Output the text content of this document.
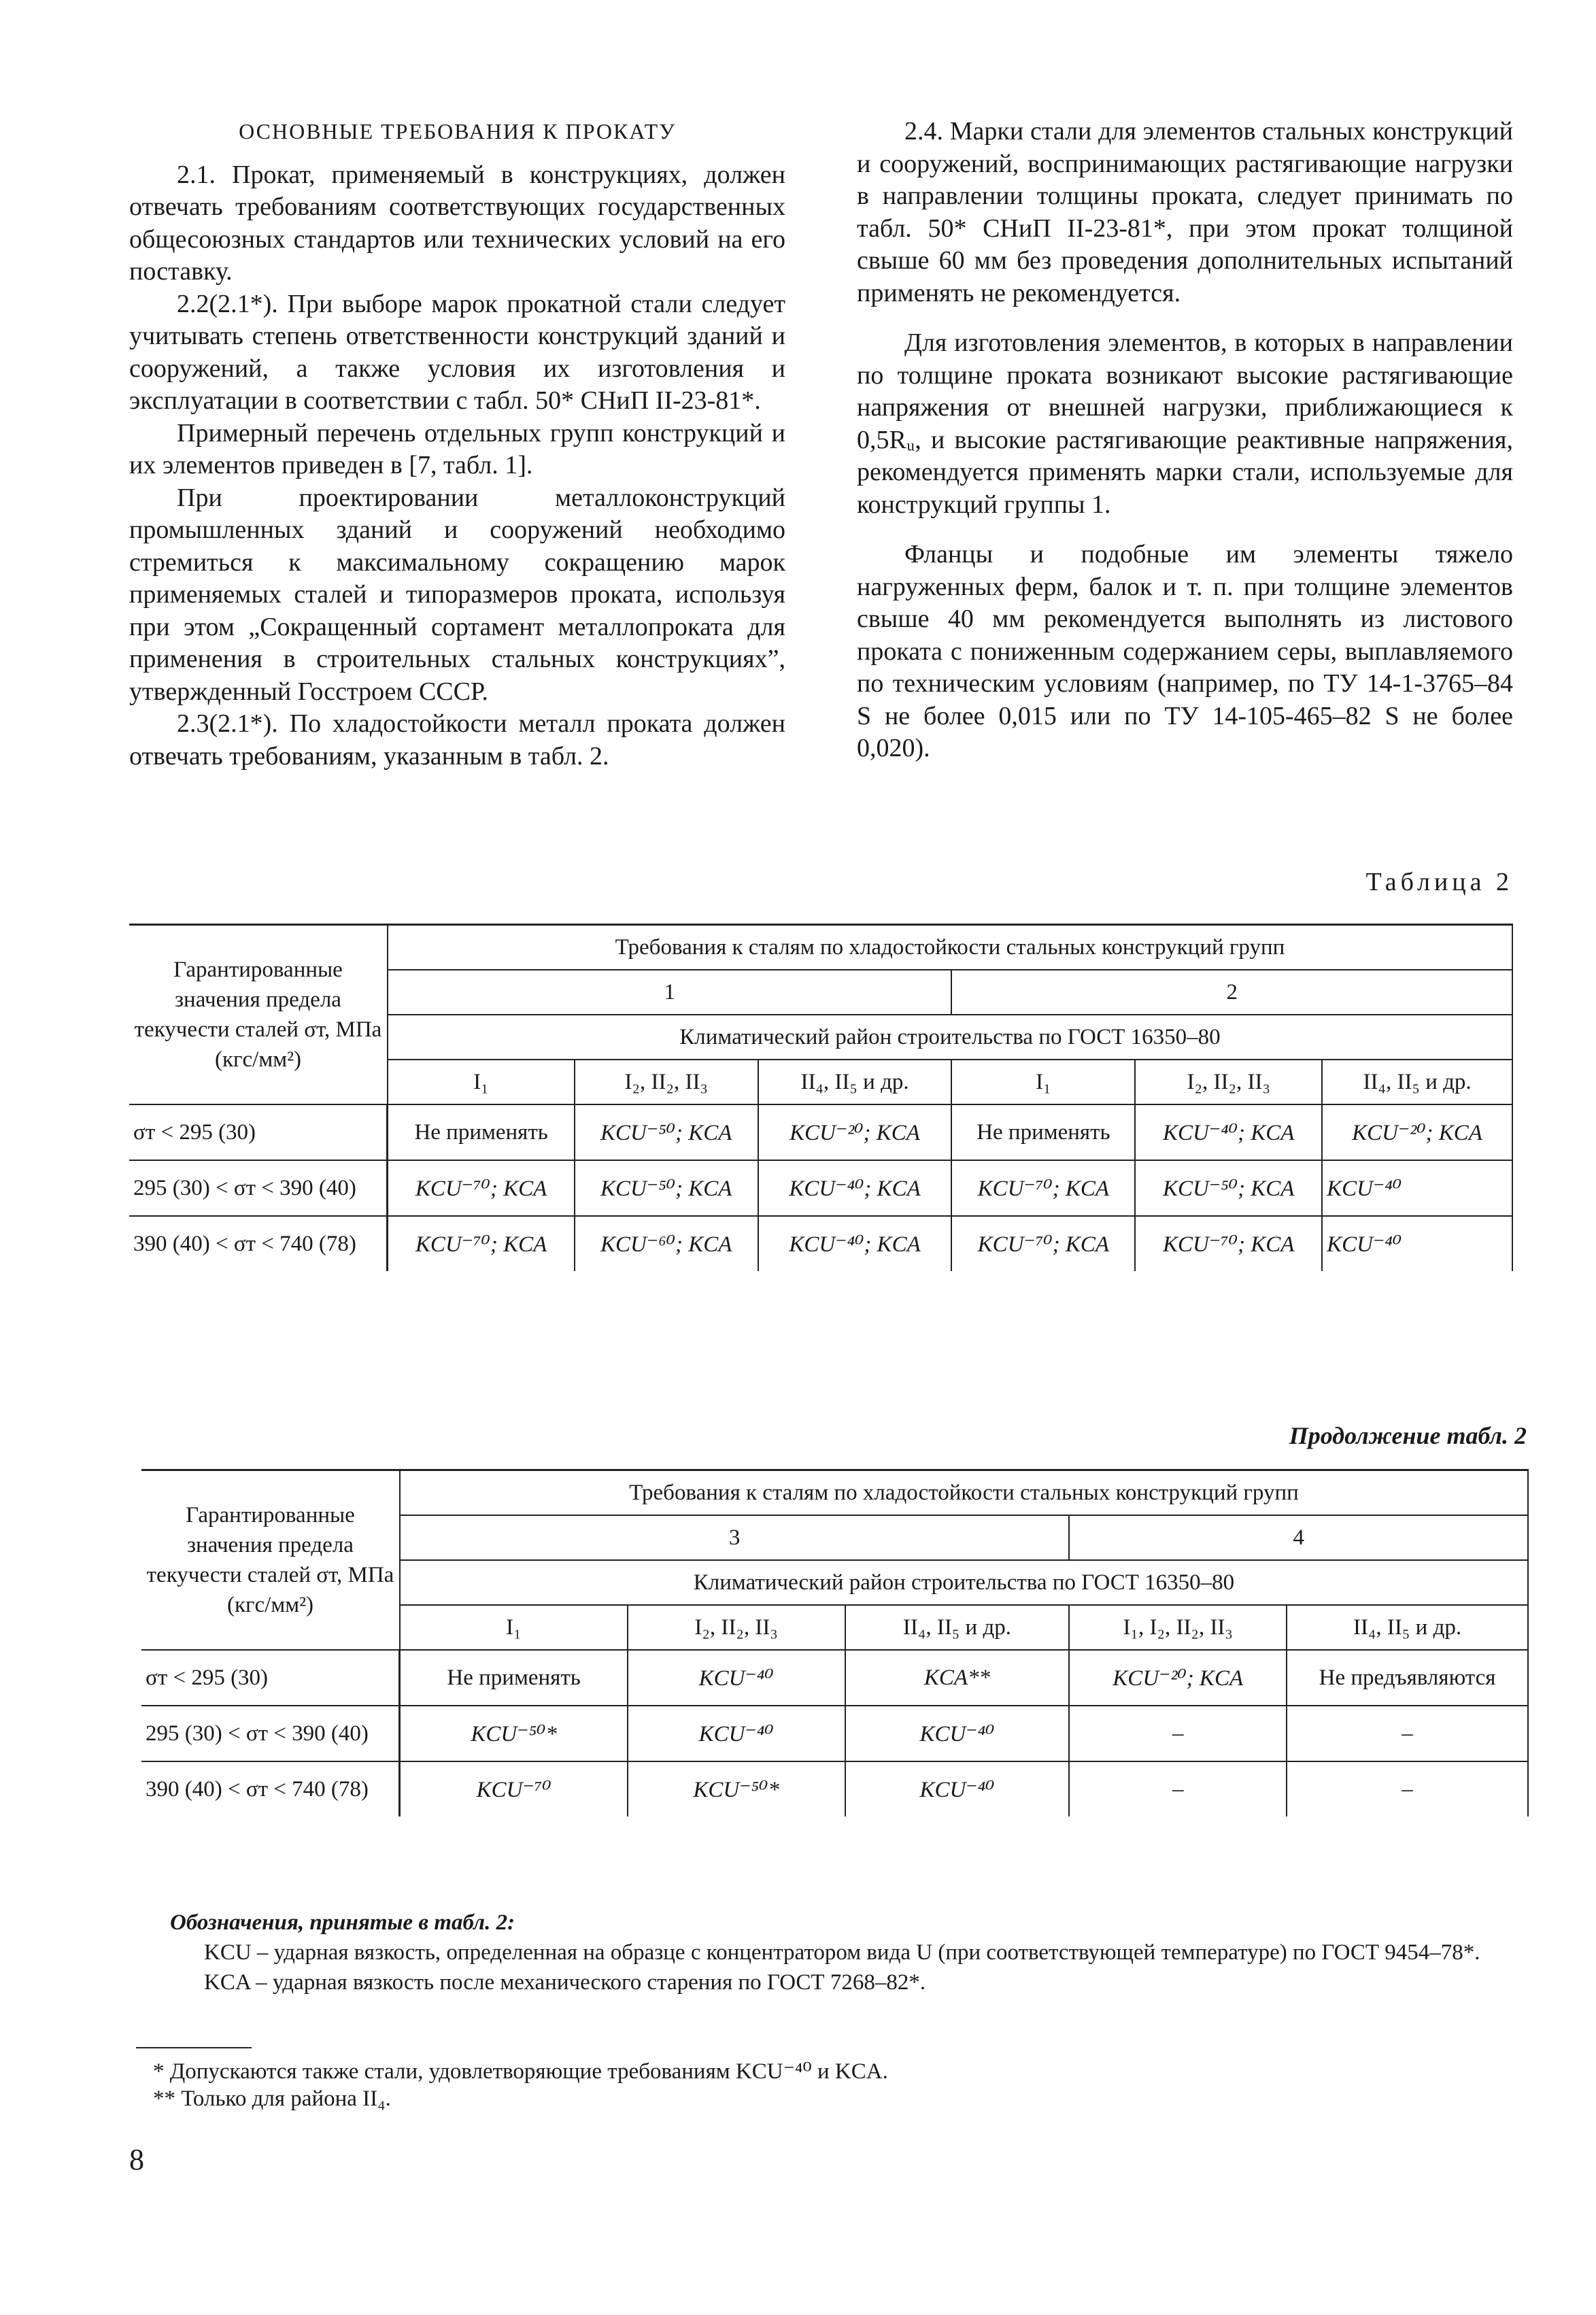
ОСНОВНЫЕ ТРЕБОВАНИЯ К ПРОКАТУ

2.1. Прокат, применяемый в конструкциях, должен отвечать требованиям соответствующих государственных общесоюзных стандартов или технических условий на его поставку.

2.2(2.1*). При выборе марок прокатной стали следует учитывать степень ответственности конструкций зданий и сооружений, а также условия их изготовления и эксплуатации в соответствии с табл. 50* СНиП II-23-81*.

Примерный перечень отдельных групп конструкций и их элементов приведен в [7, табл. 1].

При проектировании металлоконструкций промышленных зданий и сооружений необходимо стремиться к максимальному сокращению марок применяемых сталей и типоразмеров проката, используя при этом „Сокращенный сортамент металлопроката для применения в строительных стальных конструкциях”, утвержденный Госстроем СССР.

2.3(2.1*). По хладостойкости металл проката должен отвечать требованиям, указанным в табл. 2.

2.4. Марки стали для элементов стальных конструкций и сооружений, воспринимающих растягивающие нагрузки в направлении толщины проката, следует принимать по табл. 50* СНиП II-23-81*, при этом прокат толщиной свыше 60 мм без проведения дополнительных испытаний применять не рекомендуется.

Для изготовления элементов, в которых в направлении по толщине проката возникают высокие растягивающие напряжения от внешней нагрузки, приближающиеся к 0,5Rᵤ, и высокие растягивающие реактивные напряжения, рекомендуется применять марки стали, используемые для конструкций группы 1.

Фланцы и подобные им элементы тяжело нагруженных ферм, балок и т. п. при толщине элементов свыше 40 мм рекомендуется выполнять из листового проката с пониженным содержанием серы, выплавляемого по техническим условиям (например, по ТУ 14-1-3765–84 S не более 0,015 или по ТУ 14-105-465–82 S не более 0,020).

Таблица 2
Гарантированные значения предела текучести сталей σт, МПа (кгс/мм²)	Требования к сталям по хладостойкости стальных конструкций групп					
	1			2		
	Климатический район строительства по ГОСТ 16350–80					
	I₁	I₂, II₂, II₃	II₄, II₅ и др.	I₁	I₂, II₂, II₃	II₄, II₅ и др.
σт < 295 (30)	Не применять	KCU⁻⁵⁰; KCA	KCU⁻²⁰; KCA	Не применять	KCU⁻⁴⁰; KCA	KCU⁻²⁰; KCA
295 (30) < σт < 390 (40)	KCU⁻⁷⁰; KCA	KCU⁻⁵⁰; KCA	KCU⁻⁴⁰; KCA	KCU⁻⁷⁰; KCA	KCU⁻⁵⁰; KCA	KCU⁻⁴⁰
390 (40) < σт < 740 (78)	KCU⁻⁷⁰; KCA	KCU⁻⁶⁰; KCA	KCU⁻⁴⁰; KCA	KCU⁻⁷⁰; KCA	KCU⁻⁷⁰; KCA	KCU⁻⁴⁰
Продолжение табл. 2
Гарантированные значения предела текучести сталей σт, МПа (кгс/мм²)	Требования к сталям по хладостойкости стальных конструкций групп				
	3			4	
	Климатический район строительства по ГОСТ 16350–80				
	I₁	I₂, II₂, II₃	II₄, II₅ и др.	I₁, I₂, II₂, II₃	II₄, II₅ и др.
σт < 295 (30)	Не применять	KCU⁻⁴⁰	KCA**	KCU⁻²⁰; KCA	Не предъявляются
295 (30) < σт < 390 (40)	KCU⁻⁵⁰*	KCU⁻⁴⁰	KCU⁻⁴⁰	–	–
390 (40) < σт < 740 (78)	KCU⁻⁷⁰	KCU⁻⁵⁰*	KCU⁻⁴⁰	–	–

Обозначения, принятые в табл. 2:

KCU – ударная вязкость, определенная на образце с концентратором вида U (при соответствующей температуре) по ГОСТ 9454–78*.

KCA – ударная вязкость после механического старения по ГОСТ 7268–82*.

* Допускаются также стали, удовлетворяющие требованиям KCU⁻⁴⁰ и KCA.
** Только для района II₄.
8
